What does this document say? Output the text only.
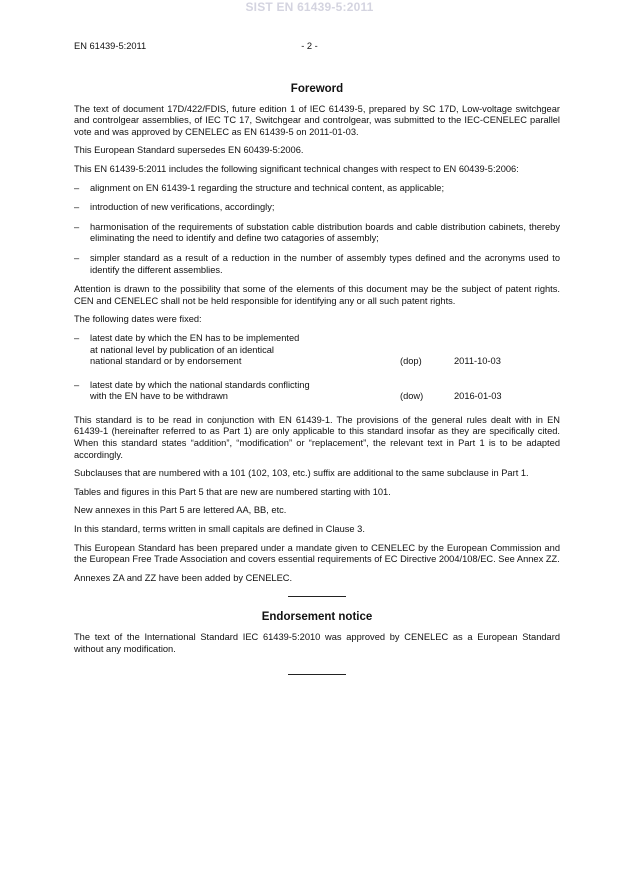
SIST EN 61439-5:2011
EN 61439-5:2011	- 2 -
Foreword

The text of document 17D/422/FDIS, future edition 1 of IEC 61439-5, prepared by SC 17D, Low-voltage switchgear and controlgear assemblies, of IEC TC 17, Switchgear and controlgear, was submitted to the IEC-CENELEC parallel vote and was approved by CENELEC as EN 61439-5 on 2011-01-03.

This European Standard supersedes EN 60439-5:2006.

This EN 61439-5:2011 includes the following significant technical changes with respect to EN 60439-5:2006:

–	alignment on EN 61439-1 regarding the structure and technical content, as applicable;
–	introduction of new verifications, accordingly;
–	harmonisation of the requirements of substation cable distribution boards and cable distribution cabinets, thereby eliminating the need to identify and define two catagories of assembly;
–	simpler standard as a result of a reduction in the number of assembly types defined and the acronyms used to identify the different assemblies.

Attention is drawn to the possibility that some of the elements of this document may be the subject of patent rights. CEN and CENELEC shall not be held responsible for identifying any or all such patent rights.

The following dates were fixed:

–	latest date by which the EN has to be implemented
at national level by publication of an identical
national standard or by endorsement	(dop)	2011-10-03
–	latest date by which the national standards conflicting
with the EN have to be withdrawn	(dow)	2016-01-03

This standard is to be read in conjunction with EN 61439-1. The provisions of the general rules dealt with in EN 61439-1 (hereinafter referred to as Part 1) are only applicable to this standard insofar as they are specifically cited. When this standard states “addition”, “modification” or “replacement”, the relevant text in Part 1 is to be adapted accordingly.

Subclauses that are numbered with a 101 (102, 103, etc.) suffix are additional to the same subclause in Part 1.

Tables and figures in this Part 5 that are new are numbered starting with 101.

New annexes in this Part 5 are lettered AA, BB, etc.

In this standard, terms written in small capitals are defined in Clause 3.

This European Standard has been prepared under a mandate given to CENELEC by the European Commission and the European Free Trade Association and covers essential requirements of EC Directive 2004/108/EC. See Annex ZZ.

Annexes ZA and ZZ have been added by CENELEC.

Endorsement notice

The text of the International Standard IEC 61439-5:2010 was approved by CENELEC as a European Standard without any modification.
